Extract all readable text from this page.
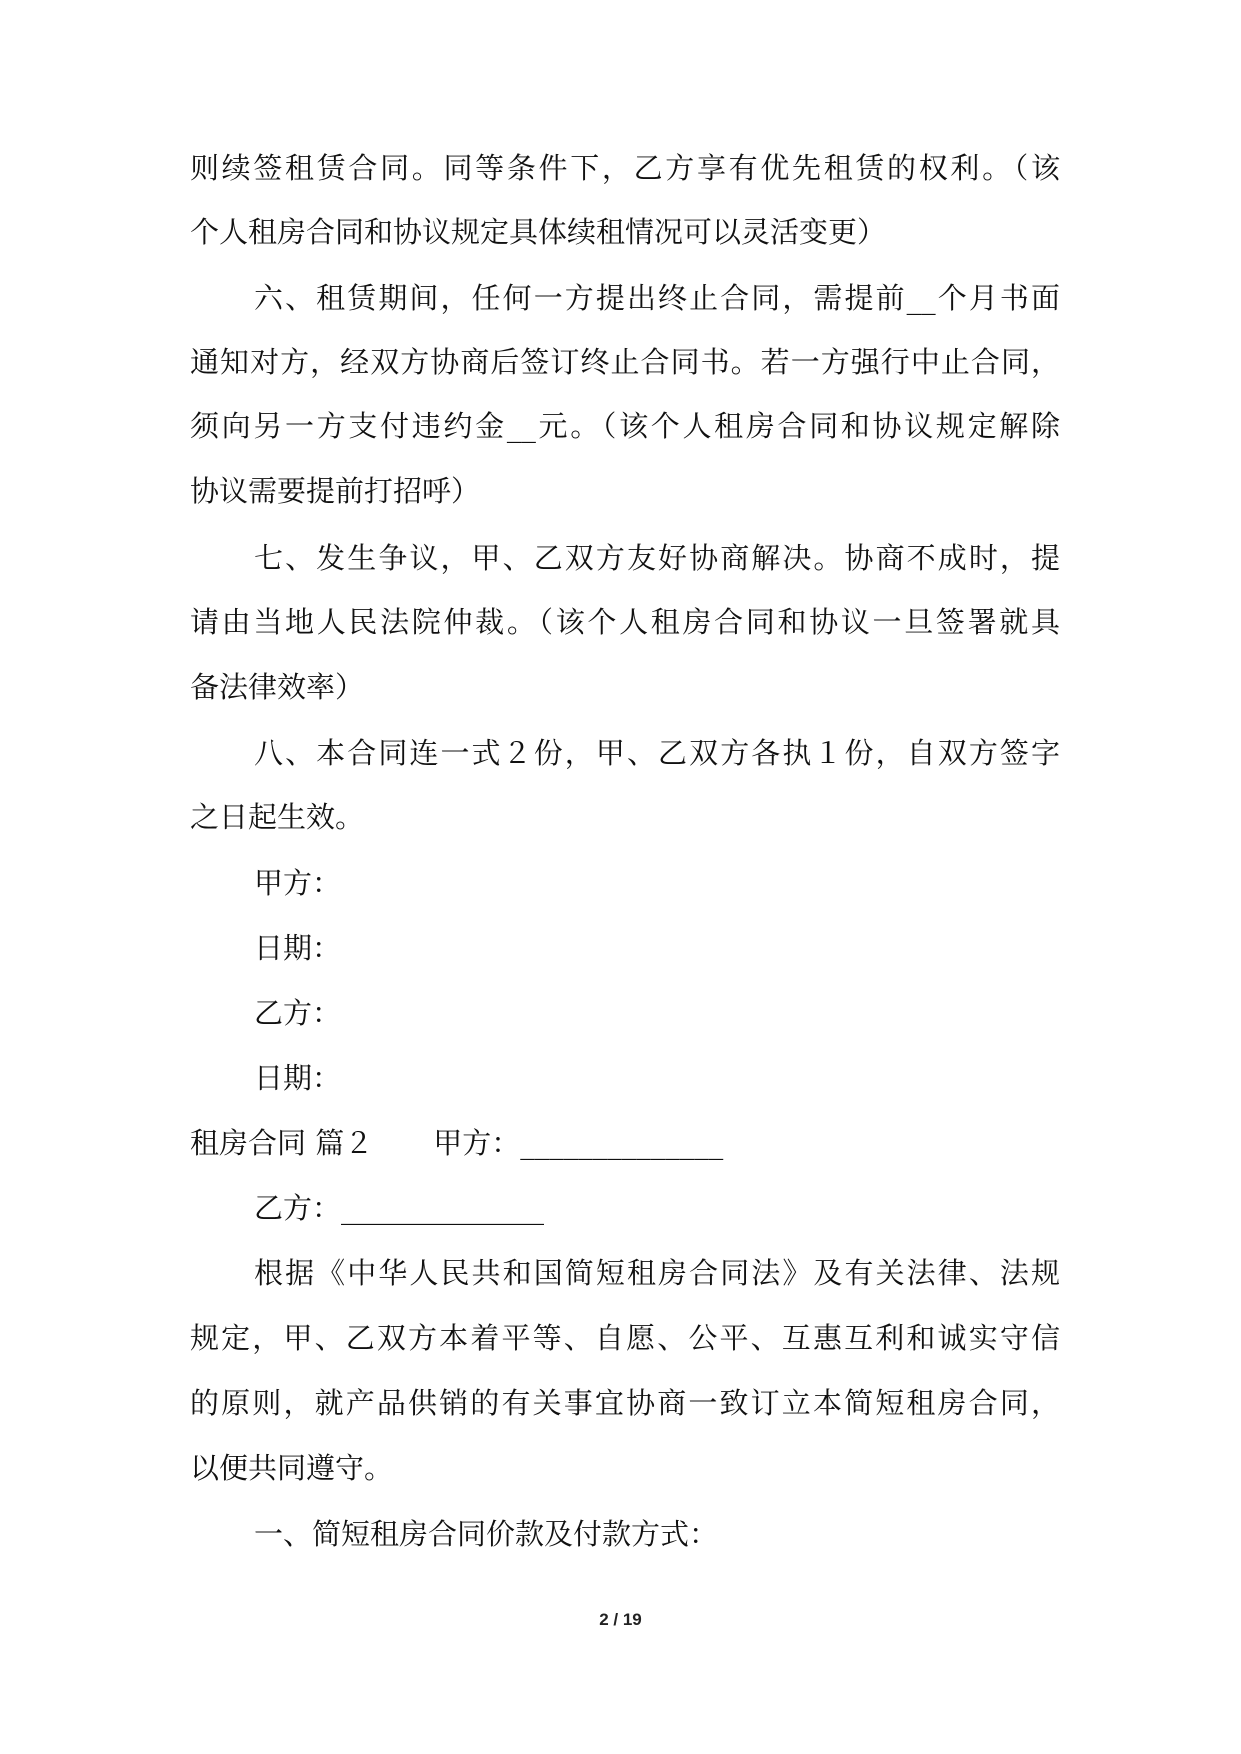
则续签租赁合同。同等条件下，乙方享有优先租赁的权利。（该
个人租房合同和协议规定具体续租情况可以灵活变更）
六、租赁期间，任何一方提出终止合同，需提前__个月书面
通知对方，经双方协商后签订终止合同书。若一方强行中止合同，
须向另一方支付违约金__元。（该个人租房合同和协议规定解除
协议需要提前打招呼）
七、发生争议，甲、乙双方友好协商解决。协商不成时，提
请由当地人民法院仲裁。（该个人租房合同和协议一旦签署就具
备法律效率）
八、本合同连一式２份，甲、乙双方各执１份，自双方签字
之日起生效。
甲方：
日期：
乙方：
日期：
租房合同 篇２ 甲方：______________
乙方：______________
根据《中华人民共和国简短租房合同法》及有关法律、法规
规定，甲、乙双方本着平等、自愿、公平、互惠互利和诚实守信
的原则，就产品供销的有关事宜协商一致订立本简短租房合同，
以便共同遵守。
一、简短租房合同价款及付款方式：
2 / 19
